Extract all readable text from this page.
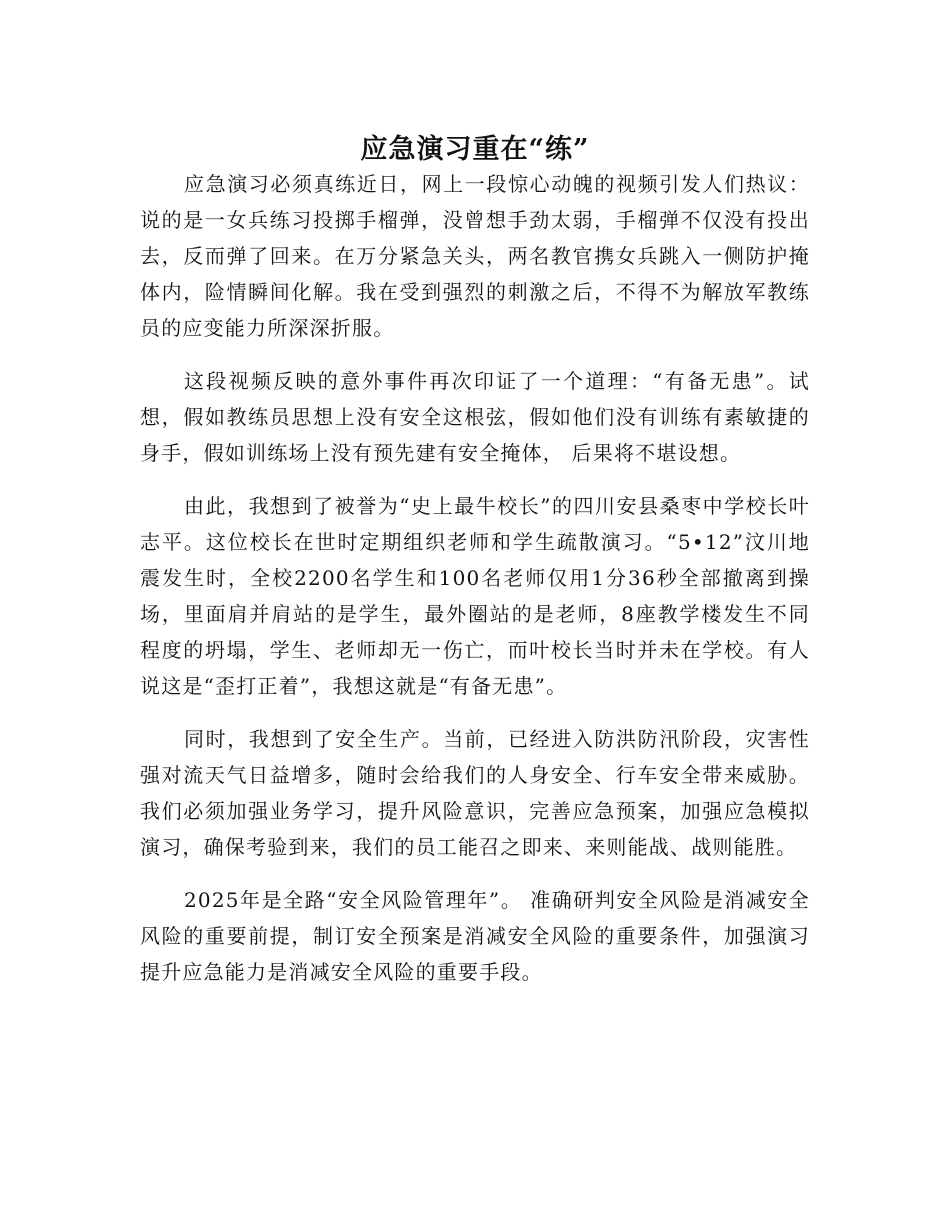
应急演习重在“练”

应急演习必须真练近日，网上一段惊心动魄的视频引发人们热议：说的是一女兵练习投掷手榴弹，没曾想手劲太弱，手榴弹不仅没有投出去，反而弹了回来。在万分紧急关头，两名教官携女兵跳入一侧防护掩体内，险情瞬间化解。我在受到强烈的刺激之后，不得不为解放军教练员的应变能力所深深折服。

这段视频反映的意外事件再次印证了一个道理：“有备无患”。试想，假如教练员思想上没有安全这根弦，假如他们没有训练有素敏捷的身手，假如训练场上没有预先建有安全掩体， 后果将不堪设想。

由此，我想到了被誉为“史上最牛校长”的四川安县桑枣中学校长叶志平。这位校长在世时定期组织老师和学生疏散演习。“5•12”汶川地震发生时，全校2200名学生和100名老师仅用1分36秒全部撤离到操场，里面肩并肩站的是学生，最外圈站的是老师，8座教学楼发生不同程度的坍塌，学生、老师却无一伤亡，而叶校长当时并未在学校。有人说这是“歪打正着”，我想这就是“有备无患”。

同时，我想到了安全生产。当前，已经进入防洪防汛阶段，灾害性强对流天气日益增多，随时会给我们的人身安全、行车安全带来威胁。我们必须加强业务学习，提升风险意识，完善应急预案，加强应急模拟演习，确保考验到来，我们的员工能召之即来、来则能战、战则能胜。

2025年是全路“安全风险管理年”。 准确研判安全风险是消减安全风险的重要前提，制订安全预案是消减安全风险的重要条件，加强演习提升应急能力是消减安全风险的重要手段。
